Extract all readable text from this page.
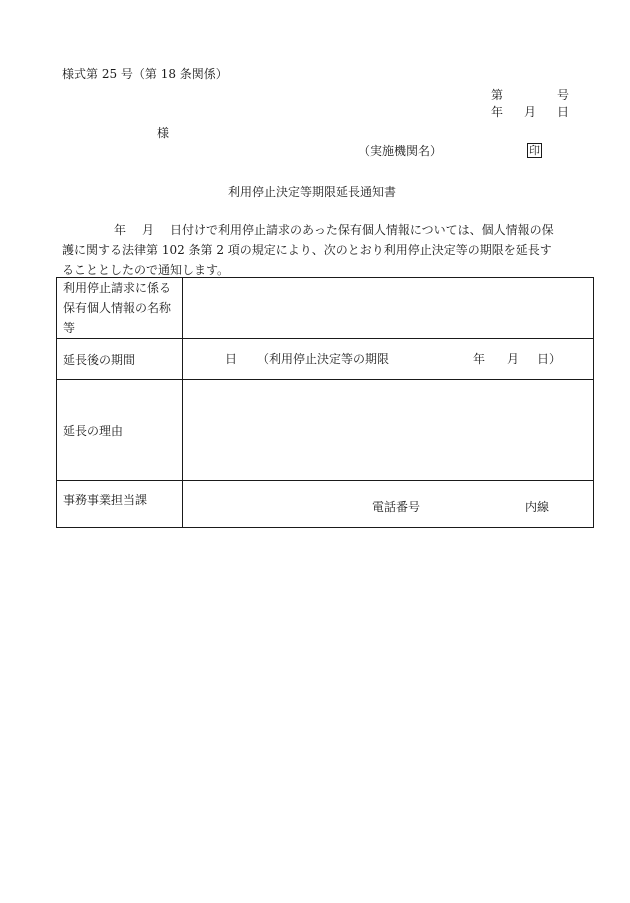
様式第 25 号（第 18 条関係）
第	号
年 月 日
様
（実施機関名）	印
利用停止決定等期限延長通知書
年 月 日付けで利用停止請求のあった保有個人情報については、個人情報の保
護に関する法律第 102 条第 2 項の規定により、次のとおり利用停止決定等の期限を延長す
ることとしたので通知します。
利用停止請求に係る保有個人情報の名称等	

延長後の期間	日 （利用停止決定等の期限 年 月 日）

延長の理由	
事務事業担当課	電話番号 内線
